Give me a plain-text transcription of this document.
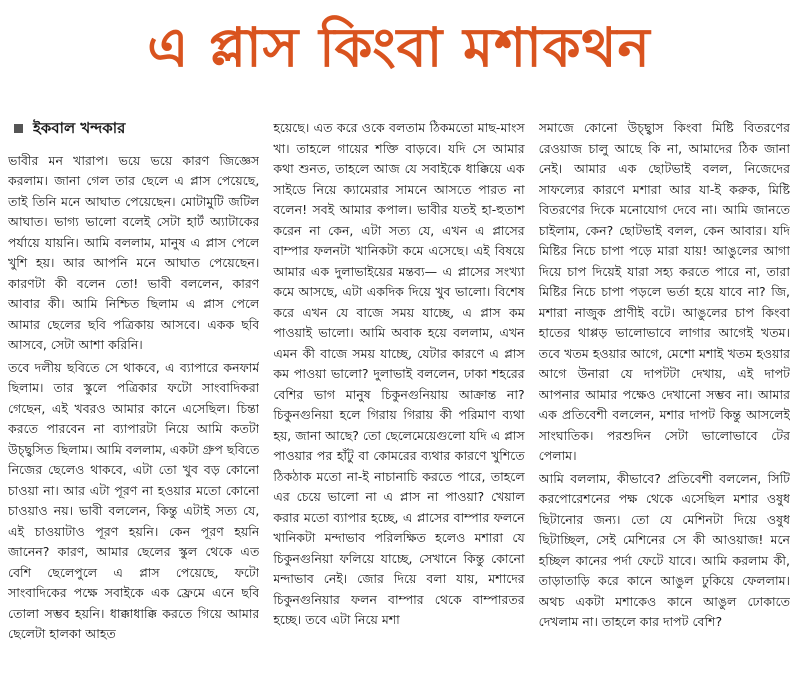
এ প্লাস কিংবা মশাকথন
ইকবাল খন্দকার

ভাবীর মন খারাপ। ভয়ে ভয়ে কারণ জিজ্ঞেস করলাম। জানা গেল তার ছেলে এ প্লাস পেয়েছে, তাই তিনি মনে আঘাত পেয়েছেন। মোটামুটি জটিল আঘাত। ভাগ্য ভালো বলেই সেটা হার্ট অ্যাটাকের পর্যায়ে যায়নি। আমি বললাম, মানুষ এ প্লাস পেলে খুশি হয়। আর আপনি মনে আঘাত পেয়েছেন। কারণটা কী বলেন তো! ভাবী বললেন, কারণ আবার কী। আমি নিশ্চিত ছিলাম এ প্লাস পেলে আমার ছেলের ছবি পত্রিকায় আসবে। একক ছবি আসবে, সেটা আশা করিনি।

তবে দলীয় ছবিতে সে থাকবে, এ ব্যাপারে কনফার্ম ছিলাম। তার স্কুলে পত্রিকার ফটো সাংবাদিকরা গেছেন, এই খবরও আমার কানে এসেছিল। চিন্তা করতে পারবেন না ব্যাপারটা নিয়ে আমি কতটা উচ্ছ্বসিত ছিলাম। আমি বললাম, একটা গ্রুপ ছবিতে নিজের ছেলেও থাকবে, এটা তো খুব বড় কোনো চাওয়া না। আর এটা পূরণ না হওয়ার মতো কোনো চাওয়াও নয়। ভাবী বললেন, কিন্তু এটাই সত্য যে, এই চাওয়াটাও পূরণ হয়নি। কেন পূরণ হয়নি জানেন? কারণ, আমার ছেলের স্কুল থেকে এত বেশি ছেলেপুলে এ প্লাস পেয়েছে, ফটো সাংবাদিকের পক্ষে সবাইকে এক ফ্রেমে এনে ছবি তোলা সম্ভব হয়নি। ধাক্কাধাক্কি করতে গিয়ে আমার ছেলেটা হালকা আহত

হয়েছে। এত করে ওকে বলতাম ঠিকমতো মাছ-মাংস খা। তাহলে গায়ের শক্তি বাড়বে। যদি সে আমার কথা শুনত, তাহলে আজ যে সবাইকে ধাক্কিয়ে এক সাইডে নিয়ে ক্যামেরার সামনে আসতে পারত না বলেন! সবই আমার কপাল। ভাবীর যতই হা-হুতাশ করেন না কেন, এটা সত্য যে, এখন এ প্লাসের বাম্পার ফলনটা খানিকটা কমে এসেছে। এই বিষয়ে আমার এক দুলাভাইয়ের মন্তব্য— এ প্লাসের সংখ্যা কমে আসছে, এটা একদিক দিয়ে খুব ভালো। বিশেষ করে এখন যে বাজে সময় যাচ্ছে, এ প্লাস কম পাওয়াই ভালো। আমি অবাক হয়ে বললাম, এখন এমন কী বাজে সময় যাচ্ছে, যেটার কারণে এ প্লাস কম পাওয়া ভালো? দুলাভাই বললেন, ঢাকা শহরের বেশির ভাগ মানুষ চিকুনগুনিয়ায় আক্রান্ত না? চিকুনগুনিয়া হলে গিরায় গিরায় কী পরিমাণ ব্যথা হয়, জানা আছে? তো ছেলেমেয়েগুলো যদি এ প্লাস পাওয়ার পর হাঁটু বা কোমরের ব্যথার কারণে খুশিতে ঠিকঠাক মতো না-ই নাচানাচি করতে পারে, তাহলে এর চেয়ে ভালো না এ প্লাস না পাওয়া? খেয়াল করার মতো ব্যাপার হচ্ছে, এ প্লাসের বাম্পার ফলনে খানিকটা মন্দাভাব পরিলক্ষিত হলেও মশারা যে চিকুনগুনিয়া ফলিয়ে যাচ্ছে, সেখানে কিন্তু কোনো মন্দাভাব নেই। জোর দিয়ে বলা যায়, মশাদের চিকুনগুনিয়ার ফলন বাম্পার থেকে বাম্পারতর হচ্ছে। তবে এটা নিয়ে মশা

সমাজে কোনো উচ্ছ্বাস কিংবা মিষ্টি বিতরণের রেওয়াজ চালু আছে কি না, আমাদের ঠিক জানা নেই। আমার এক ছোটভাই বলল, নিজেদের সাফল্যের কারণে মশারা আর যা-ই করুক, মিষ্টি বিতরণের দিকে মনোযোগ দেবে না। আমি জানতে চাইলাম, কেন? ছোটভাই বলল, কেন আবার। যদি মিষ্টির নিচে চাপা পড়ে মারা যায়! আঙুলের আগা দিয়ে চাপ দিয়েই যারা সহ্য করতে পারে না, তারা মিষ্টির নিচে চাপা পড়লে ভর্তা হয়ে যাবে না? জি, মশারা নাজুক প্রাণীই বটে। আঙুলের চাপ কিংবা হাতের থাপ্পড় ভালোভাবে লাগার আগেই খতম। তবে খতম হওয়ার আগে, মেশো মশাই খতম হওয়ার আগে উনারা যে দাপটটা দেখায়, এই দাপট আপনার আমার পক্ষেও দেখানো সম্ভব না। আমার এক প্রতিবেশী বললেন, মশার দাপট কিন্তু আসলেই সাংঘাতিক। পরশুদিন সেটা ভালোভাবে টের পেলাম।

আমি বললাম, কীভাবে? প্রতিবেশী বললেন, সিটি করপোরেশনের পক্ষ থেকে এসেছিল মশার ওষুধ ছিটানোর জন্য। তো যে মেশিনটা দিয়ে ওষুধ ছিটাচ্ছিল, সেই মেশিনের সে কী আওয়াজ! মনে হচ্ছিল কানের পর্দা ফেটে যাবে। আমি করলাম কী, তাড়াতাড়ি করে কানে আঙুল ঢুকিয়ে ফেললাম। অথচ একটা মশাকেও কানে আঙুল ঢোকাতে দেখলাম না। তাহলে কার দাপট বেশি?
